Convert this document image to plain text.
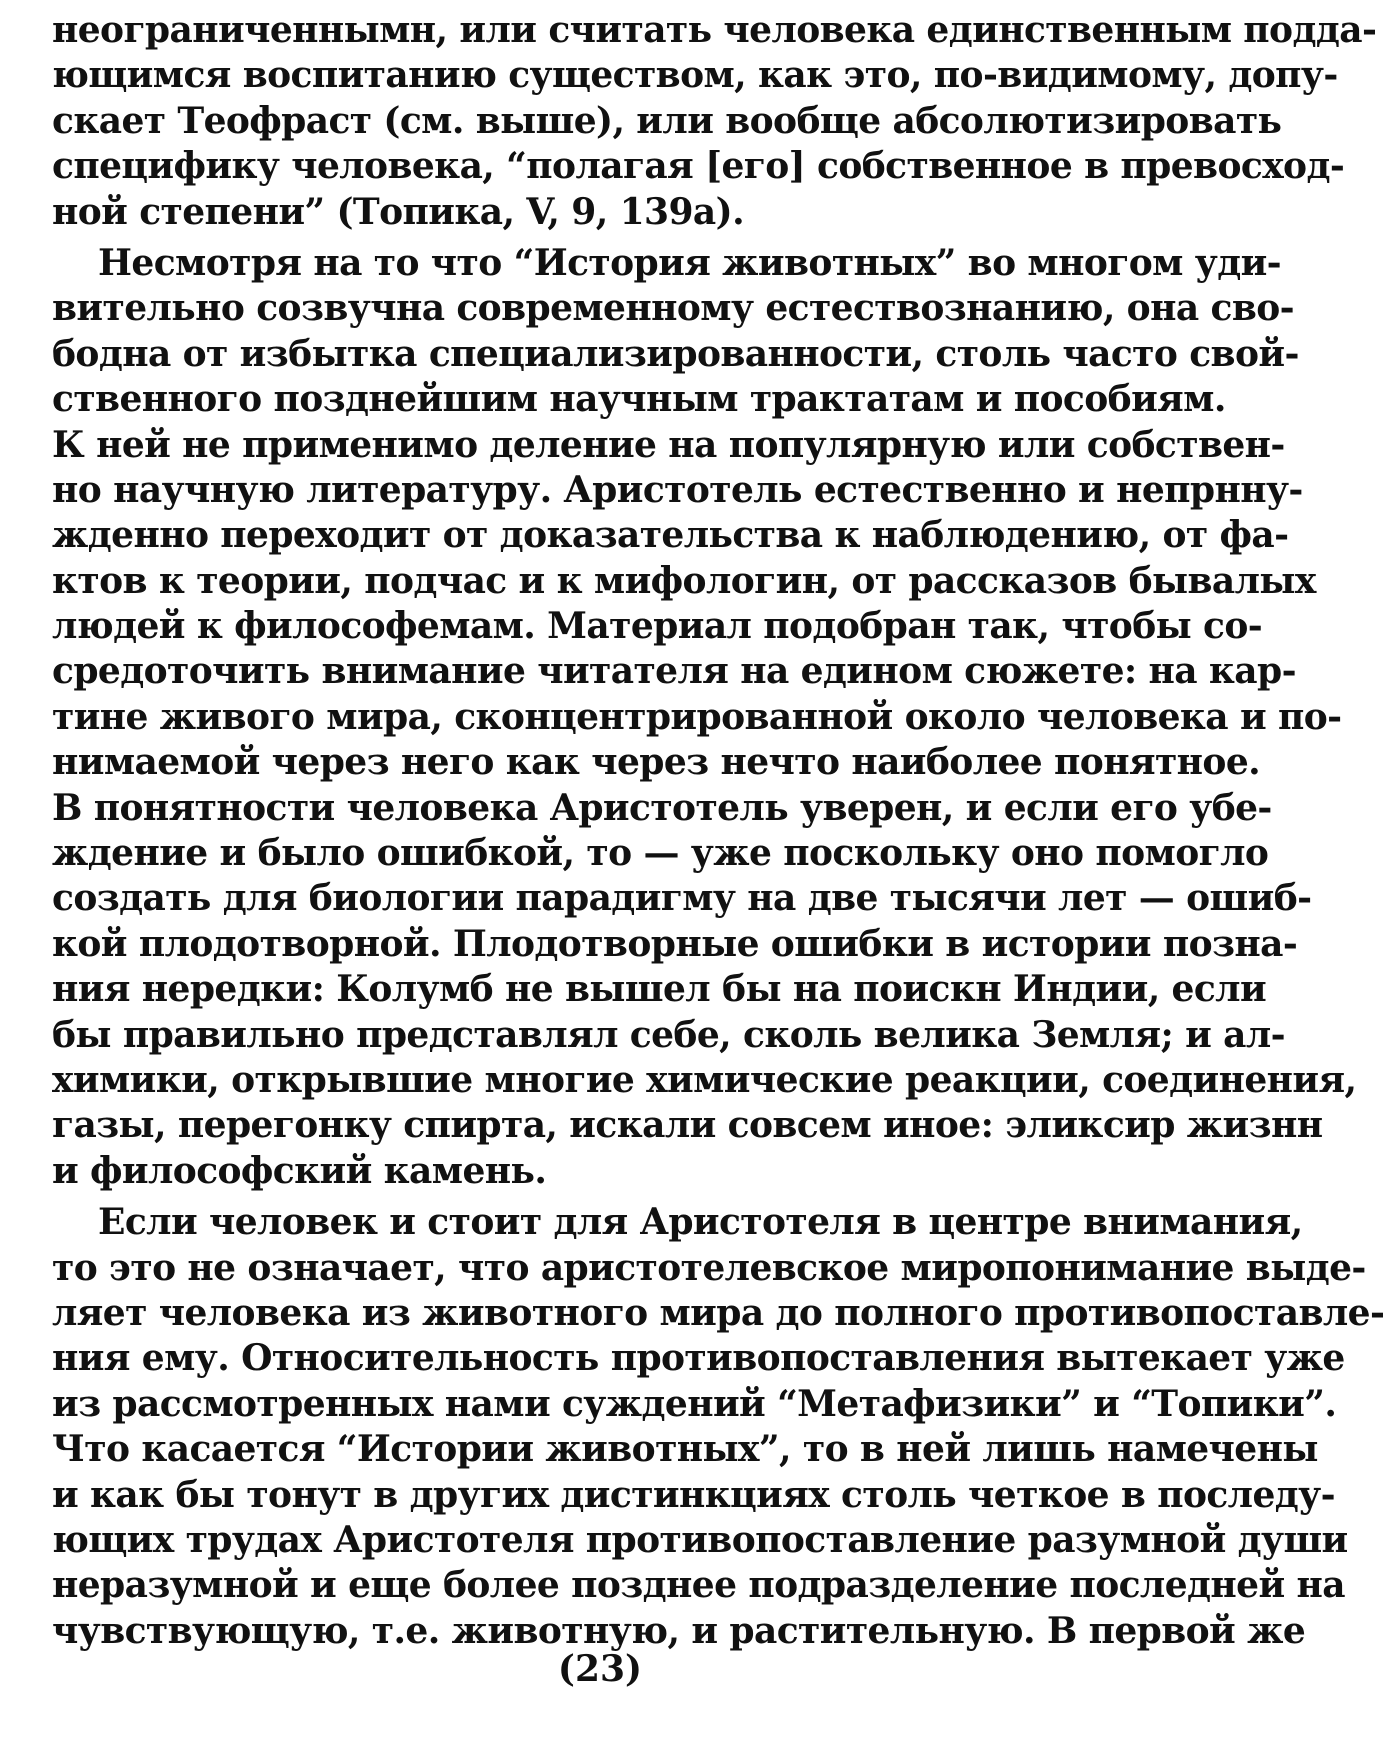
неограниченнымн, или считать человека единственным подда-
ющимся воспитанию существом, как это, по-видимому, допу-
скает Теофраст (см. выше), или вообще абсолютизировать
специфику человека, “полагая [его] собственное в превосход-
ной степени” (Топика, V, 9, 139a).
Несмотря на то что “История животных” во многом уди-
вительно созвучна современному естествознанию, она сво-
бодна от избытка специализированности, столь часто свой-
ственного позднейшим научным трактатам и пособиям.
К ней не применимо деление на популярную или собствен-
но научную литературу. Аристотель естественно и непрнну-
жденно переходит от доказательства к наблюдению, от фа-
ктов к теории, подчас и к мифологин, от рассказов бывалых
людей к философемам. Материал подобран так, чтобы со-
средоточить внимание читателя на едином сюжете: на кар-
тине живого мира, сконцентрированной около человека и по-
нимаемой через него как через нечто наиболее понятное.
В понятности человека Аристотель уверен, и если его убе-
ждение и было ошибкой, то — уже поскольку оно помогло
создать для биологии парадигму на две тысячи лет — ошиб-
кой плодотворной. Плодотворные ошибки в истории позна-
ния нередки: Колумб не вышел бы на поискн Индии, если
бы правильно представлял себе, сколь велика Земля; и ал-
химики, открывшие многие химические реакции, соединения,
газы, перегонку спирта, искали совсем иное: эликсир жизнн
и философский камень.
Если человек и стоит для Аристотеля в центре внимания,
то это не означает, что аристотелевское миропонимание выде-
ляет человека из животного мира до полного противопоставле-
ния ему. Относительность противопоставления вытекает уже
из рассмотренных нами суждений “Метафизики” и “Топики”.
Что касается “Истории животных”, то в ней лишь намечены
и как бы тонут в других дистинкциях столь четкое в последу-
ющих трудах Аристотеля противопоставление разумной души
неразумной и еще более позднее подразделение последней на
чувствующую, т.е. животную, и растительную. В первой же
(23)
